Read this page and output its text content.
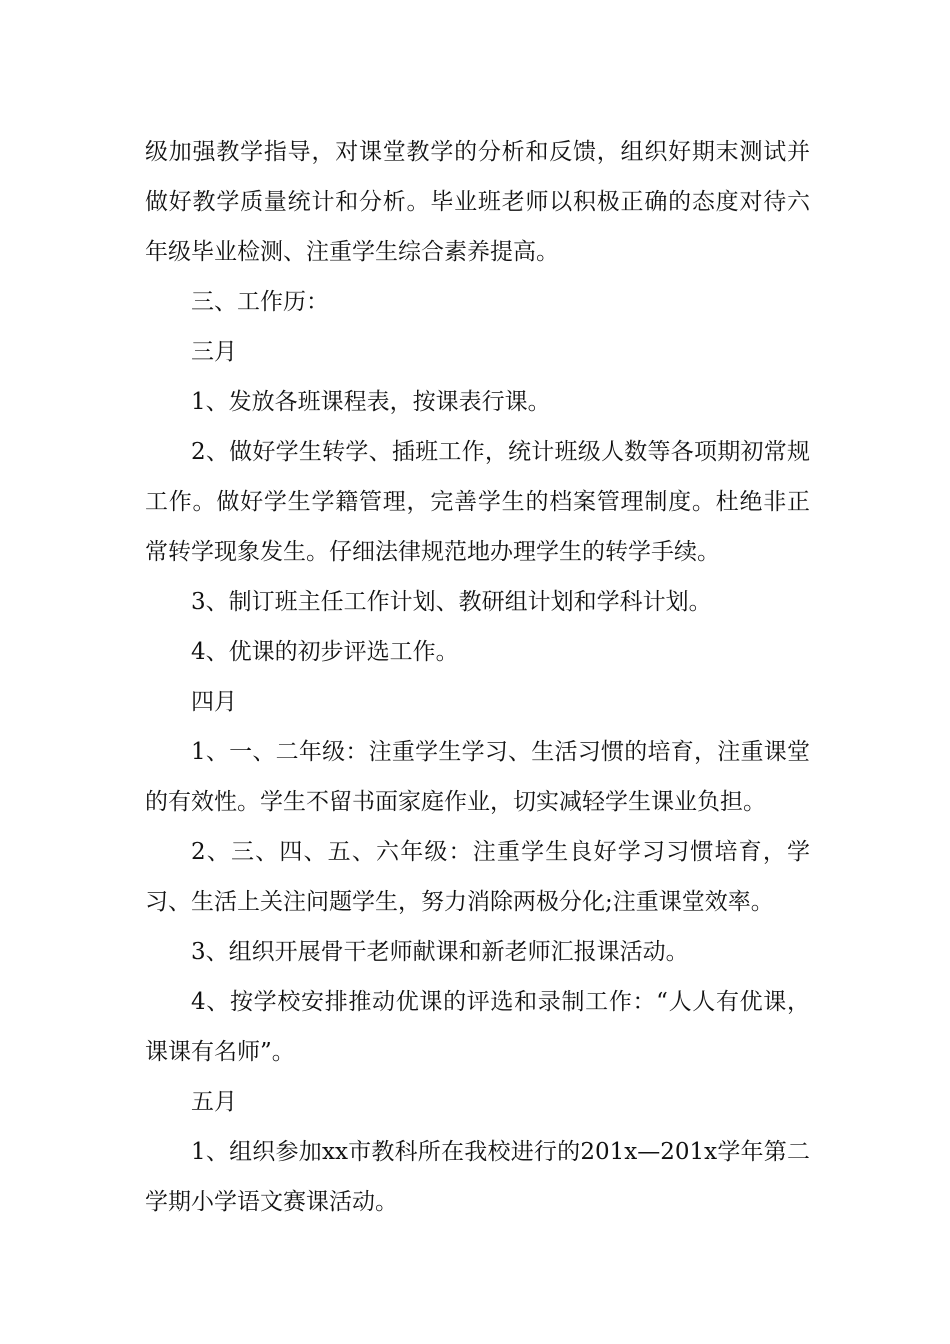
级加强教学指导，对课堂教学的分析和反馈，组织好期末测试并做好教学质量统计和分析。毕业班老师以积极正确的态度对待六年级毕业检测、注重学生综合素养提高。

三、工作历：

三月

1、发放各班课程表，按课表行课。

2、做好学生转学、插班工作，统计班级人数等各项期初常规工作。做好学生学籍管理，完善学生的档案管理制度。杜绝非正常转学现象发生。仔细法律规范地办理学生的转学手续。

3、制订班主任工作计划、教研组计划和学科计划。

4、优课的初步评选工作。

四月

1、一、二年级：注重学生学习、生活习惯的培育，注重课堂的有效性。学生不留书面家庭作业，切实减轻学生课业负担。

2、三、四、五、六年级：注重学生良好学习习惯培育，学习、生活上关注问题学生，努力消除两极分化;注重课堂效率。

3、组织开展骨干老师献课和新老师汇报课活动。

4、按学校安排推动优课的评选和录制工作：“人人有优课，课课有名师”。

五月

1、组织参加xx市教科所在我校进行的201x—201x学年第二学期小学语文赛课活动。
